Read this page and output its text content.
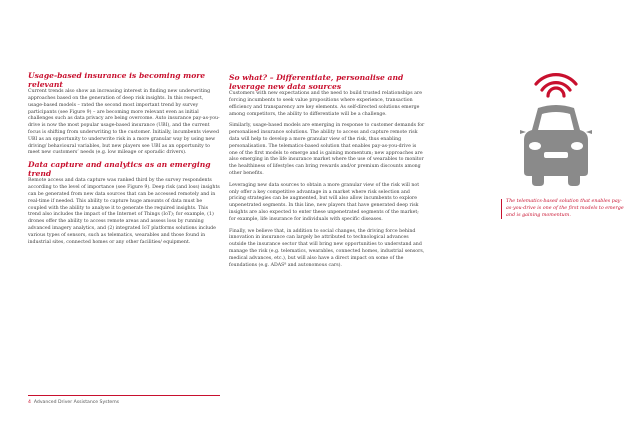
Usage-based insurance is becoming more relevant

Current trends also show an increasing interest in finding new underwriting approaches based on the generation of deep risk insights. In this respect, usage-based models – rated the second most important trend by survey participants (see Figure 9) – are becoming more relevant even as initial challenges such as data privacy are being overcome. Auto insurance pay-as-you-drive is now the most popular usage-based insurance (UBI), and the current focus is shifting from underwriting to the customer. Initially, incumbents viewed UBI as an opportunity to underwrite risk in a more granular way by using new driving/ behavioural variables, but new players see UBI as an opportunity to meet new customers’ needs (e.g. low mileage or sporadic drivers).

Data capture and analytics as an emerging trend

Remote access and data capture was ranked third by the survey respondents according to the level of importance (see Figure 9). Deep risk (and loss) insights can be generated from new data sources that can be accessed remotely and in real-time if needed. This ability to capture huge amounts of data must be coupled with the ability to analyse it to generate the required insights. This trend also includes the impact of the Internet of Things (IoT); for example, (1) drones offer the ability to access remote areas and assess loss by running advanced imagery analytics, and (2) integrated IoT platforms solutions include various types of sensors, such as telematics, wearables and those found in industrial sites, connected homes or any other facilities/ equipment.

So what? – Differentiate, personalise and leverage new data sources

Customers with new expectations and the need to build trusted relationships are forcing incumbents to seek value propositions where experience, transaction efficiency and transparency are key elements. As self-directed solutions emerge among competitors, the ability to differentiate will be a challenge.

Similarly, usage-based models are emerging in response to customer demands for personalised insurance solutions. The ability to access and capture remote risk data will help to develop a more granular view of the risk, thus enabling personalisation. The telematics-based solution that enables pay-as-you-drive is one of the first models to emerge and is gaining momentum; new approaches are also emerging in the life insurance market where the use of wearables to monitor the healthiness of lifestyles can bring rewards and/or premium discounts among other benefits.

Leveraging new data sources to obtain a more granular view of the risk will not only offer a key competitive advantage in a market where risk selection and pricing strategies can be augmented, but will also allow incumbents to explore unpenetrated segments. In this line, new players that have generated deep risk insights are also expected to enter these unpenetrated segments of the market; for example, life insurance for individuals with specific diseases.

Finally, we believe that, in addition to social changes, the driving force behind innovation in insurance can largely be attributed to technological advances outside the insurance sector that will bring new opportunities to understand and manage the risk (e.g. telematics, wearables, connected homes, industrial sensors, medical advances, etc.), but will also have a direct impact on some of the foundations (e.g. ADAS⁸ and autonomous cars).

The telematics-based solution that enables pay-as-you-drive is one of the first models to emerge and is gaining momentum.
4 Advanced Driver Assistance Systems
